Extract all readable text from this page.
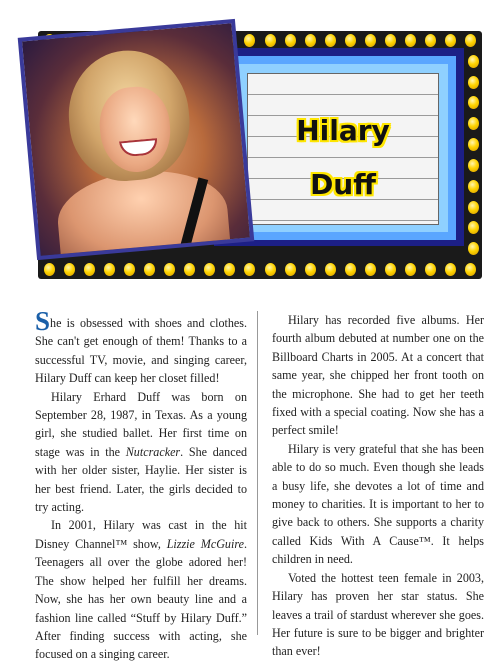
Hilary
Duff

She is obsessed with shoes and clothes. She can't get enough of them! Thanks to a successful TV, movie, and singing career, Hilary Duff can keep her closet filled!

Hilary Erhard Duff was born on September 28, 1987, in Texas. As a young girl, she studied ballet. Her first time on stage was in the Nutcracker. She danced with her older sister, Haylie. Her sister is her best friend. Later, the girls decided to try acting.

In 2001, Hilary was cast in the hit Disney Channel™ show, Lizzie McGuire. Teenagers all over the globe adored her! The show helped her fulfill her dreams. Now, she has her own beauty line and a fashion line called “Stuff by Hilary Duff.” After finding success with acting, she focused on a singing career.

Hilary has recorded five albums. Her fourth album debuted at number one on the Billboard Charts in 2005. At a concert that same year, she chipped her front tooth on the microphone. She had to get her teeth fixed with a special coating. Now she has a perfect smile!

Hilary is very grateful that she has been able to do so much. Even though she leads a busy life, she devotes a lot of time and money to charities. It is important to her to give back to others. She supports a charity called Kids With A Cause™. It helps children in need.

Voted the hottest teen female in 2003, Hilary has proven her star status. She leaves a trail of stardust wherever she goes. Her future is sure to be bigger and brighter than ever!
